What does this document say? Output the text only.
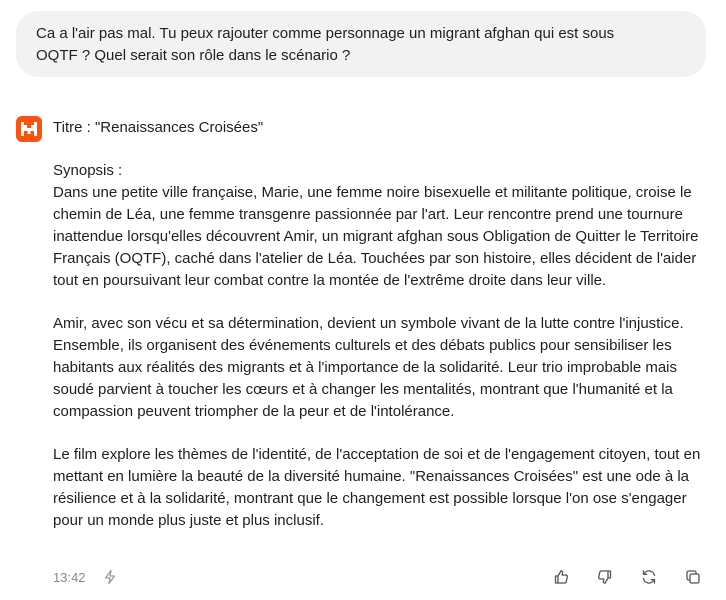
Ca a l'air pas mal. Tu peux rajouter comme personnage un migrant afghan qui est sous
OQTF ? Quel serait son rôle dans le scénario ?

Titre : "Renaissances Croisées"

Synopsis :

Dans une petite ville française, Marie, une femme noire bisexuelle et militante politique, croise le chemin de Léa, une femme transgenre passionnée par l'art. Leur rencontre prend une tournure inattendue lorsqu'elles découvrent Amir, un migrant afghan sous Obligation de Quitter le Territoire Français (OQTF), caché dans l'atelier de Léa. Touchées par son histoire, elles décident de l'aider tout en poursuivant leur combat contre la montée de l'extrême droite dans leur ville.

Amir, avec son vécu et sa détermination, devient un symbole vivant de la lutte contre l'injustice. Ensemble, ils organisent des événements culturels et des débats publics pour sensibiliser les habitants aux réalités des migrants et à l'importance de la solidarité. Leur trio improbable mais soudé parvient à toucher les cœurs et à changer les mentalités, montrant que l'humanité et la compassion peuvent triompher de la peur et de l'intolérance.

Le film explore les thèmes de l'identité, de l'acceptation de soi et de l'engagement citoyen, tout en mettant en lumière la beauté de la diversité humaine. "Renaissances Croisées" est une ode à la résilience et à la solidarité, montrant que le changement est possible lorsque l'on ose s'engager pour un monde plus juste et plus inclusif.

13:42
